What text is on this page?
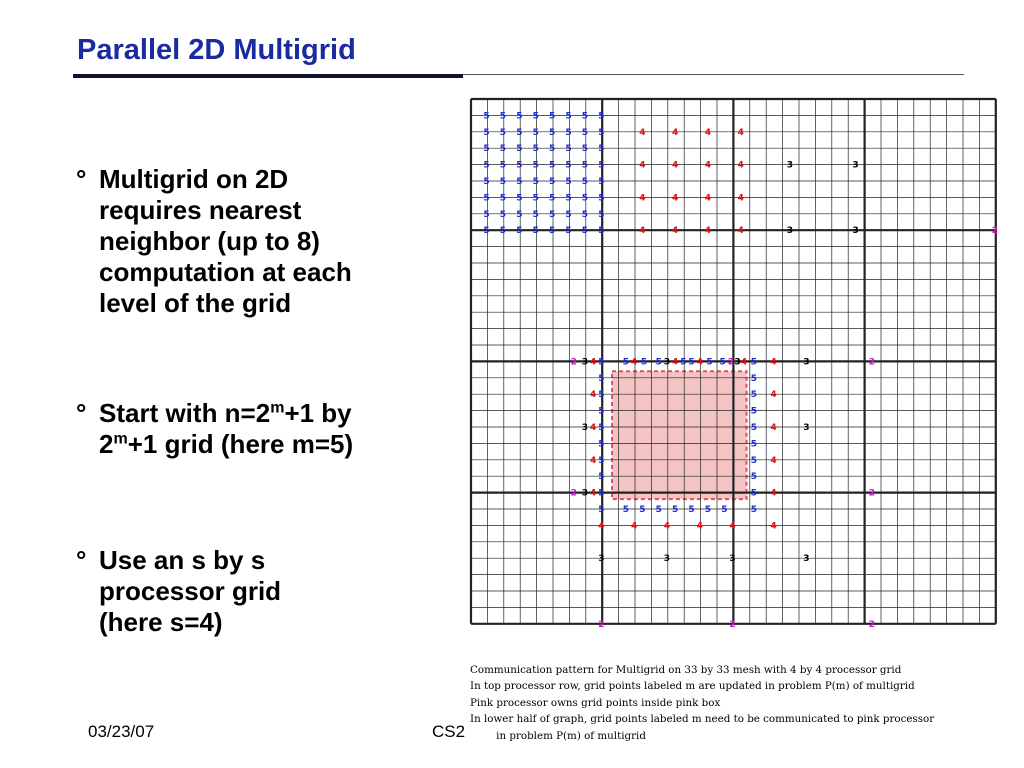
Parallel 2D Multigrid
° Multigrid on 2D
requires nearest
neighbor (up to 8)
computation at each
level of the grid
° Start with $n=2^m+1$ by
$2^m+1$ grid (here m=5)
° Use an s by s
processor grid
(here s=4)
03/23/07	CS2
5 5 5 5 5 5 5 5
5 5 5 5 5 5 5 5
5 5 5 5 5 5 5 5
5 5 5 5 5 5 5 5
5 5 5 5 5 5 5 5
5 5 5 5 5 5 5 5
5 5 5 5 5 5 5 5
5 5 5 5 5 5 5 5
4	4	4	4
4	4	4	4
4	4	4	4
4	4	4	4
3	3
3	3	2
2 3 4 5 5 4 5 5 3 4 5 5 4 5 5 2 3 4 5 4	3	2
5	5
5	5
4	4
5	5
5	5
4	4
3	3
5	5
5	5
4	4
5	5
5	5
4	4
2 3	2
5 5 5 5 5 5 5 5	5
4	4	4	4	4	4
3	3	3	3
2	2	2
Communication pattern for Multigrid on 33 by 33 mesh with 4 by 4 processor grid
In top processor row, grid points labeled m are updated in problem P(m) of multigrid
Pink processor owns grid points inside pink box
In lower half of graph, grid points labeled m need to be communicated to pink processor
in problem P(m) of multigrid
